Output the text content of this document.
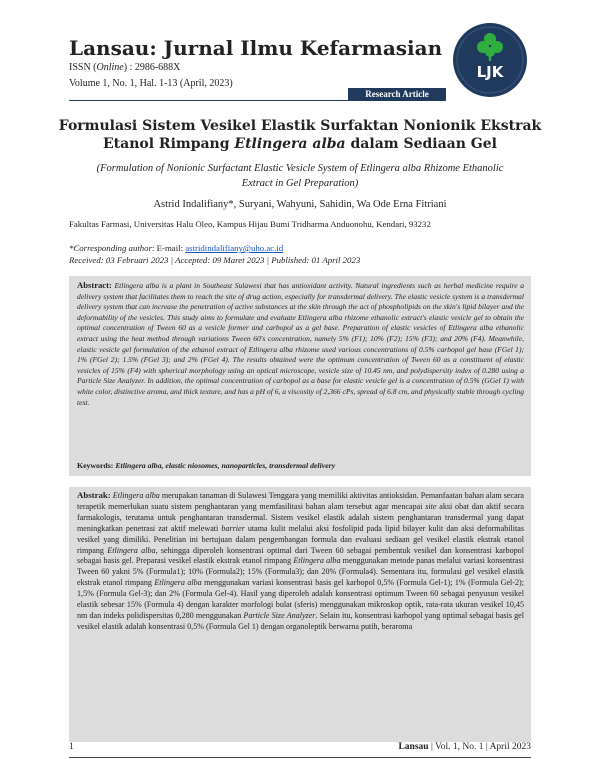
Lansau: Jurnal Ilmu Kefarmasian
ISSN (Online) : 2986-688X
Volume 1, No. 1, Hal. 1-13 (April, 2023)
LJK
Research Article
Formulasi Sistem Vesikel Elastik Surfaktan Nonionik Ekstrak
Etanol Rimpang Etlingera alba dalam Sediaan Gel
(Formulation of Nonionic Surfactant Elastic Vesicle System of Etlingera alba Rhizome Ethanolic
Extract in Gel Preparation)
Astrid Indalifiany*, Suryani, Wahyuni, Sahidin, Wa Ode Erna Fitriani
Fakultas Farmasi, Universitas Halu Oleo, Kampus Hijau Bumi Tridharma Anduonohu, Kendari, 93232
*Corresponding author: E-mail: astridindalifiany@uho.ac.id
Received: 03 Februari 2023 | Accepted: 09 Maret 2023 | Published: 01 April 2023
Abstract: Etlingera alba is a plant in Southeast Sulawesi that has antioxidant activity. Natural ingredients such as herbal medicine require a delivery system that facilitates them to reach the site of drug action, especially for transdermal delivery. The elastic vesicle system is a transdermal delivery system that can increase the penetration of active substances at the skin through the act of phospholipids on the skin's lipid bilayer and the deformability of the vesicles. This study aims to formulate and evaluate Etlingera alba rhizome ethanolic extract's elastic vesicle gel to obtain the optimal concentration of Tween 60 as a vesicle former and carbopol as a gel base. Preparation of elastic vesicles of Etlingera alba ethanolic extract using the heat method through variations Tween 60's concentration, namely 5% (F1); 10% (F2); 15% (F3); and 20% (F4). Meanwhile, elastic vesicle gel formulation of the ethanol extract of Etlingera alba rhizome used various concentrations of 0.5% carbopol gel base (FGel 1); 1% (FGel 2); 1.5% (FGel 3); and 2% (FGel 4). The results obtained were the optimum concentration of Tween 60 as a constituent of elastic vesicles of 15% (F4) with spherical morphology using an optical microscope, vesicle size of 10.45 nm, and polydispersity index of 0.280 using a Particle Size Analyzer. In addition, the optimal concentration of carbopol as a base for elastic vesicle gel is a concentration of 0.5% (GGel 1) with white color, distinctive aroma, and thick texture, and has a pH of 6, a viscosity of 2,366 cPs, spread of 6.8 cm, and physically stable through cycling test.
Keywords: Etlingera alba, elastic niosomes, nanoparticles, transdermal delivery
Abstrak: Etlingera alba merupakan tanaman di Sulawesi Tenggara yang memiliki aktivitas antioksidan. Pemanfaatan bahan alam secara terapetik memerlukan suatu sistem penghantaran yang memfasilitasi bahan alam tersebut agar mencapai site aksi obat dan aktif secara farmakologis, terutama untuk penghantaran transdermal. Sistem vesikel elastik adalah sistem penghantaran transdermal yang dapat meningkatkan penetrasi zat aktif melewati barrier utama kulit melalui aksi fosfolipid pada lipid bilayer kulit dan aksi deformabilitas vesikel yang dimiliki. Penelitian ini bertujuan dalam pengembangan formula dan evaluasi sediaan gel vesikel elastik ekstrak etanol rimpang Etlingera alba, sehingga diperoleh konsentrasi optimal dari Tween 60 sebagai pembentuk vesikel dan konsentrasi karbopol sebagai basis gel. Preparasi vesikel elastik ekstrak etanol rimpang Etlingera alba menggunakan metode panas melalui variasi konsentrasi Tween 60 yakni 5% (Formula1); 10% (Formula2); 15% (Formula3); dan 20% (Formula4). Sementara itu, formulasi gel vesikel elastik ekstrak etanol rimpang Etlingera alba menggunakan variasi konsentrasi basis gel karbopol 0,5% (Formula Gel-1); 1% (Formula Gel-2); 1,5% (Formula Gel-3); dan 2% (Formula Gel-4). Hasil yang diperoleh adalah konsentrasi optimum Tween 60 sebagai penyusun vesikel elastik sebesar 15% (Formula 4) dengan karakter morfologi bulat (sferis) menggunakan mikroskop optik, rata-rata ukuran vesikel 10,45 nm dan indeks polidispersitas 0,280 menggunakan Particle Size Analyzer. Selain itu, konsentrasi karbopol yang optimal sebagai basis gel vesikel elastik adalah konsentrasi 0,5% (Formula Gel 1) dengan organoleptik berwarna putih, beraroma
1	Lansau | Vol. 1, No. 1 | April 2023
